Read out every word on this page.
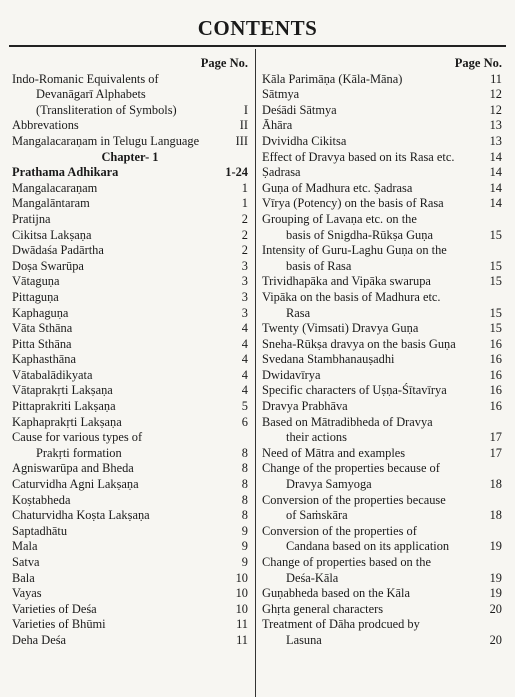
CONTENTS
Page No.
Indo-Romanic Equivalents of
Devanāgarī Alphabets
(Transliteration of Symbols)	I
Abbrevations	II
Mangalacaraṇam in Telugu Language	III
Chapter- 1
Prathama Adhikara	1-24
Mangalacaraṇam	1
Mangalāntaram	1
Pratijna	2
Cikitsa Lakṣaṇa	2
Dwādaśa Padārtha	2
Doṣa Swarūpa	3
Vātaguṇa	3
Pittaguṇa	3
Kaphaguṇa	3
Vāta Sthāna	4
Pitta Sthāna	4
Kaphasthāna	4
Vātabalādikyata	4
Vātaprakṛti Lakṣaṇa	4
Pittaprakriti Lakṣaṇa	5
Kaphaprakṛti Lakṣaṇa	6
Cause for various types of
Prakṛti formation	8
Agniswarūpa and Bheda	8
Caturvidha Agni Lakṣaṇa	8
Koṣtabheda	8
Chaturvidha Koṣta Lakṣaṇa	8
Saptadhātu	9
Mala	9
Satva	9
Bala	10
Vayas	10
Varieties of Deśa	10
Varieties of Bhūmi	11
Deha Deśa	11
Page No.
Kāla Parimāṇa (Kāla-Māna)	11
Sātmya	12
Deśādi Sātmya	12
Āhāra	13
Dvividha Cikitsa	13
Effect of Dravya based on its Rasa etc.	14
Ṣadrasa	14
Guṇa of Madhura etc. Ṣadrasa	14
Vīrya (Potency) on the basis of Rasa	14
Grouping of Lavaṇa etc. on the
basis of Snigdha-Rūkṣa Guṇa	15
Intensity of Guru-Laghu Guṇa on the
basis of Rasa	15
Trividhapāka and Vipāka swarupa	15
Vipāka on the basis of Madhura etc.
Rasa	15
Twenty (Vimsati) Dravya Guṇa	15
Sneha-Rūkṣa dravya on the basis Guṇa	16
Svedana Stambhanauṣadhi	16
Dwidavīrya	16
Specific characters of Uṣṇa-Śītavīrya	16
Dravya Prabhāva	16
Based on Mātradibheda of Dravya
their actions	17
Need of Mātra and examples	17
Change of the properties because of
Dravya Samyoga	18
Conversion of the properties because
of Saṁskāra	18
Conversion of the properties of
Candana based on its application	19
Change of properties based on the
Deśa-Kāla	19
Guṇabheda based on the Kāla	19
Ghṛta general characters	20
Treatment of Dāha prodcued by
Lasuna	20
